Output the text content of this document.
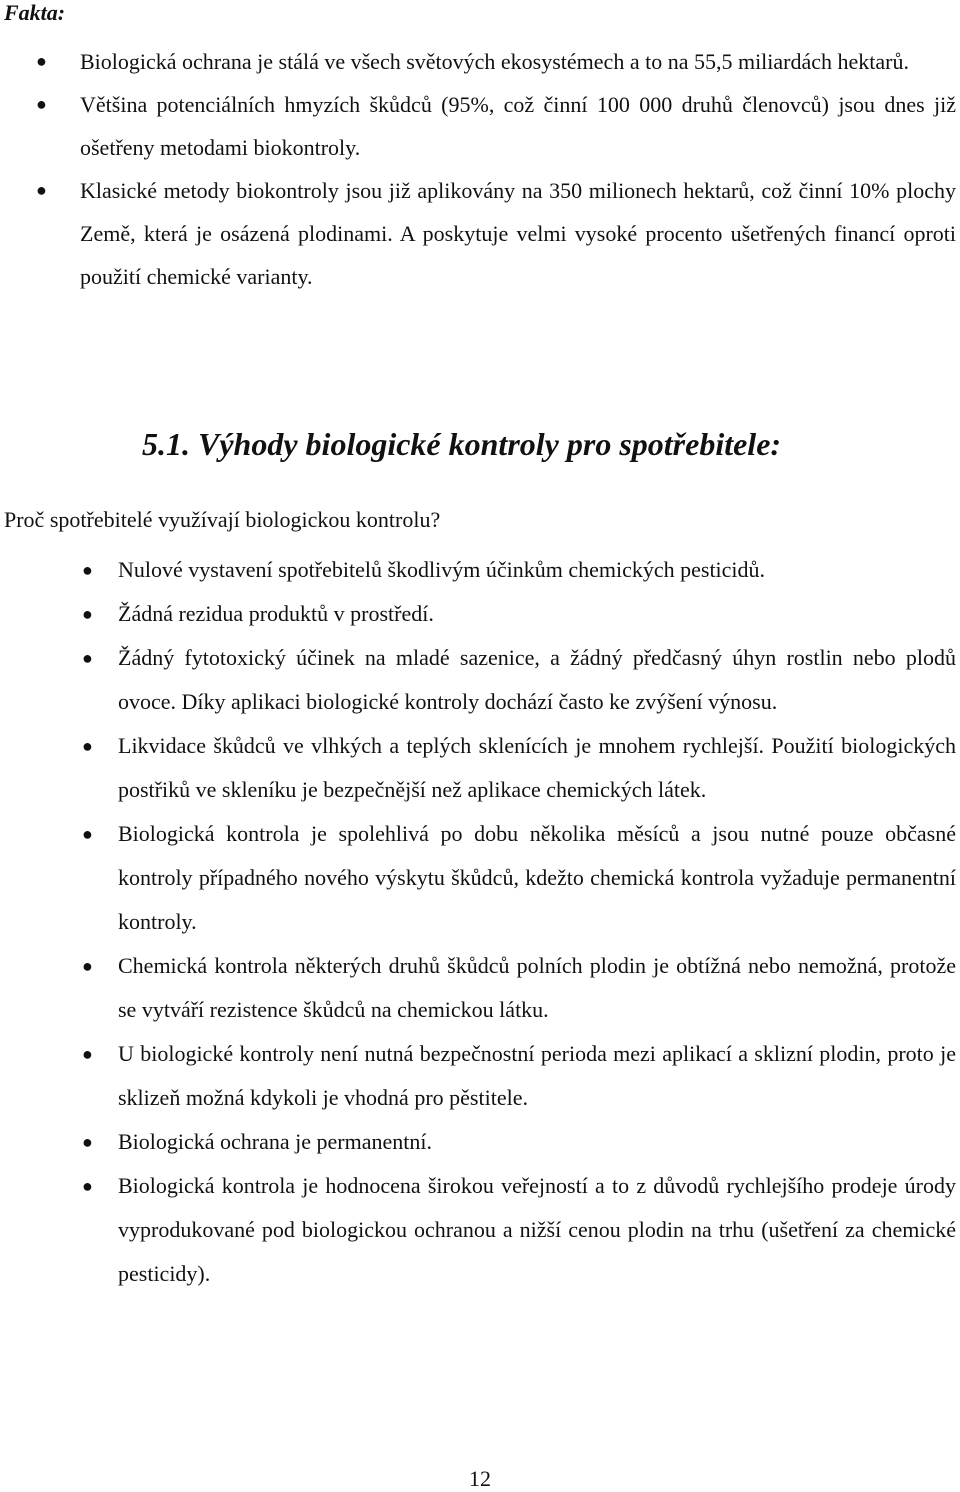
Fakta:
● Biologická ochrana je stálá ve všech světových ekosystémech a to na 55,5 miliardách hektarů.
● Většina potenciálních hmyzích škůdců (95%, což činní 100 000 druhů členovců) jsou dnes již ošetřeny metodami biokontroly.
● Klasické metody biokontroly jsou již aplikovány na 350 milionech hektarů, což činní 10% plochy Země, která je osázená plodinami. A poskytuje velmi vysoké procento ušetřených financí oproti použití chemické varianty.
5.1. Výhody biologické kontroly pro spotřebitele:
Proč spotřebitelé využívají biologickou kontrolu?
● Nulové vystavení spotřebitelů škodlivým účinkům chemických pesticidů.
● Žádná rezidua produktů v prostředí.
● Žádný fytotoxický účinek na mladé sazenice, a žádný předčasný úhyn rostlin nebo plodů ovoce. Díky aplikaci biologické kontroly dochází často ke zvýšení výnosu.
● Likvidace škůdců ve vlhkých a teplých sklenících je mnohem rychlejší. Použití biologických postřiků ve skleníku je bezpečnější než aplikace chemických látek.
● Biologická kontrola je spolehlivá po dobu několika měsíců a jsou nutné pouze občasné kontroly případného nového výskytu škůdců, kdežto chemická kontrola vyžaduje permanentní kontroly.
● Chemická kontrola některých druhů škůdců polních plodin je obtížná nebo nemožná, protože se vytváří rezistence škůdců na chemickou látku.
● U biologické kontroly není nutná bezpečnostní perioda mezi aplikací a sklizní plodin, proto je sklizeň možná kdykoli je vhodná pro pěstitele.
● Biologická ochrana je permanentní.
● Biologická kontrola je hodnocena širokou veřejností a to z důvodů rychlejšího prodeje úrody vyprodukované pod biologickou ochranou a nižší cenou plodin na trhu (ušetření za chemické pesticidy).
12
